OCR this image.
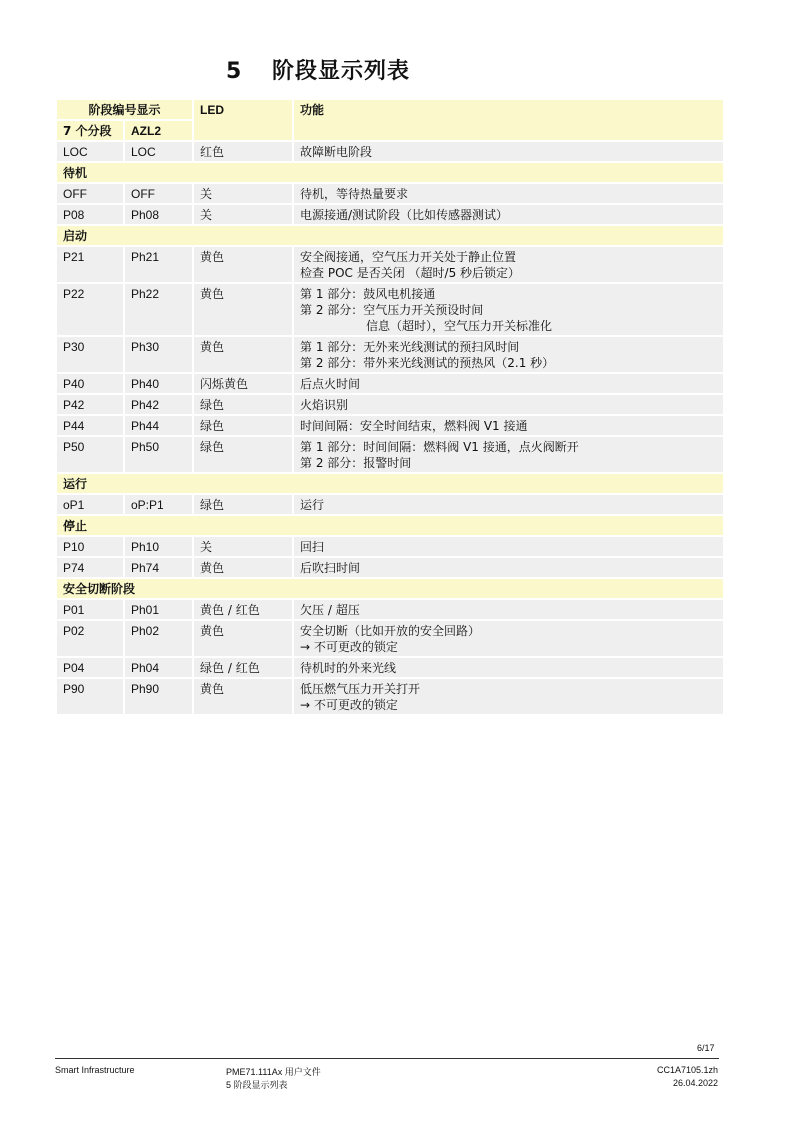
5 阶段显示列表
阶段编号显示		LED	功能
7 个分段	AZL2		
LOC	LOC	红色	故障断电阶段

待机			
OFF	OFF	关	待机，等待热量要求

P08	Ph08	关	电源接通/测试阶段（比如传感器测试）

启动			
P21	Ph21	黄色	安全阀接通，空气压力开关处于静止位置
检查 POC 是否关闭 （超时/5 秒后锁定）

P22	Ph22	黄色	第 1 部分：鼓风电机接通
第 2 部分：空气压力开关预设时间
信息（超时），空气压力开关标准化

P30	Ph30	黄色	第 1 部分：无外来光线测试的预扫风时间
第 2 部分：带外来光线测试的预热风（2.1 秒）

P40	Ph40	闪烁黄色	后点火时间

P42	Ph42	绿色	火焰识别

P44	Ph44	绿色	时间间隔：安全时间结束，燃料阀 V1 接通

P50	Ph50	绿色	第 1 部分：时间间隔：燃料阀 V1 接通，点火阀断开
第 2 部分：报警时间

运行			
oP1	oP:P1	绿色	运行

停止			
P10	Ph10	关	回扫

P74	Ph74	黄色	后吹扫时间

安全切断阶段			
P01	Ph01	黄色 / 红色	欠压 / 超压

P02	Ph02	黄色	安全切断（比如开放的安全回路）
→ 不可更改的锁定

P04	Ph04	绿色 / 红色	待机时的外来光线

P90	Ph90	黄色	低压燃气压力开关打开
→ 不可更改的锁定
6/17
Smart Infrastructure	PME71.111Ax 用户文件
5 阶段显示列表
CC1A7105.1zh
26.04.2022
